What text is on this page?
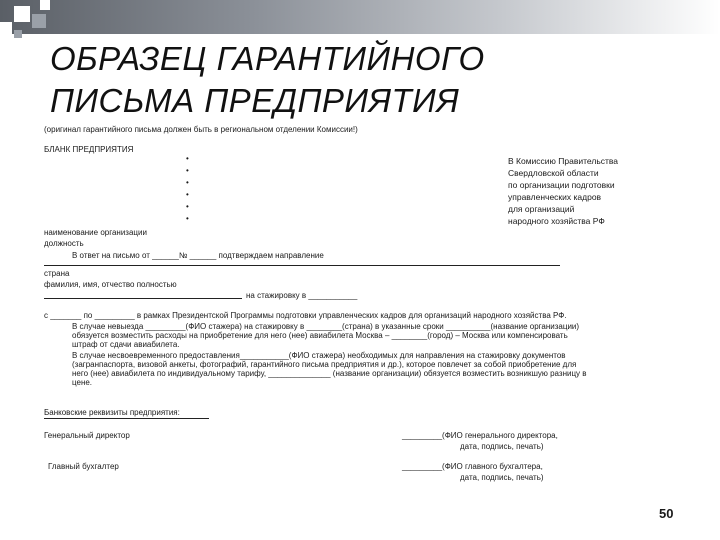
ОБРАЗЕЦ ГАРАНТИЙНОГО
ПИСЬМА ПРЕДПРИЯТИЯ
(оригинал гарантийного письма должен быть в региональном отделении Комиссии!)
БЛАНК ПРЕДПРИЯТИЯ
•
•
•
•
•
•
В Комиссию Правительства
Свердловской области
по организации подготовки
управленческих кадров
для организаций
народного хозяйства РФ
наименование организации
должность
В ответ на письмо от ______№ ______ подтверждаем направление
страна
фамилия, имя, отчество полностью
на стажировку в ___________
с _______ по _________ в рамках Президентской Программы подготовки управленческих кадров для организаций народного хозяйства РФ.
В случае невыезда _________(ФИО стажера) на стажировку в ________(страна) в указанные сроки __________(название организации)
обязуется возместить расходы на приобретение для него (нее) авиабилета Москва – ________(город) – Москва или компенсировать
штраф от сдачи авиабилета.
В случае несвоевременного предоставления___________(ФИО стажера) необходимых для направления на стажировку документов
(загранпаспорта, визовой анкеты, фотографий, гарантийного письма предприятия и др.), которое повлечет за собой приобретение для
него (нее) авиабилета по индивидуальному тарифу, ______________ (название организации) обязуется возместить возникшую разницу в
цене.
Банковские реквизиты предприятия:
Генеральный директор	_________(ФИО генерального директора,
дата, подпись, печать)
Главный бухгалтер	_________(ФИО главного бухгалтера,
дата, подпись, печать)
50
